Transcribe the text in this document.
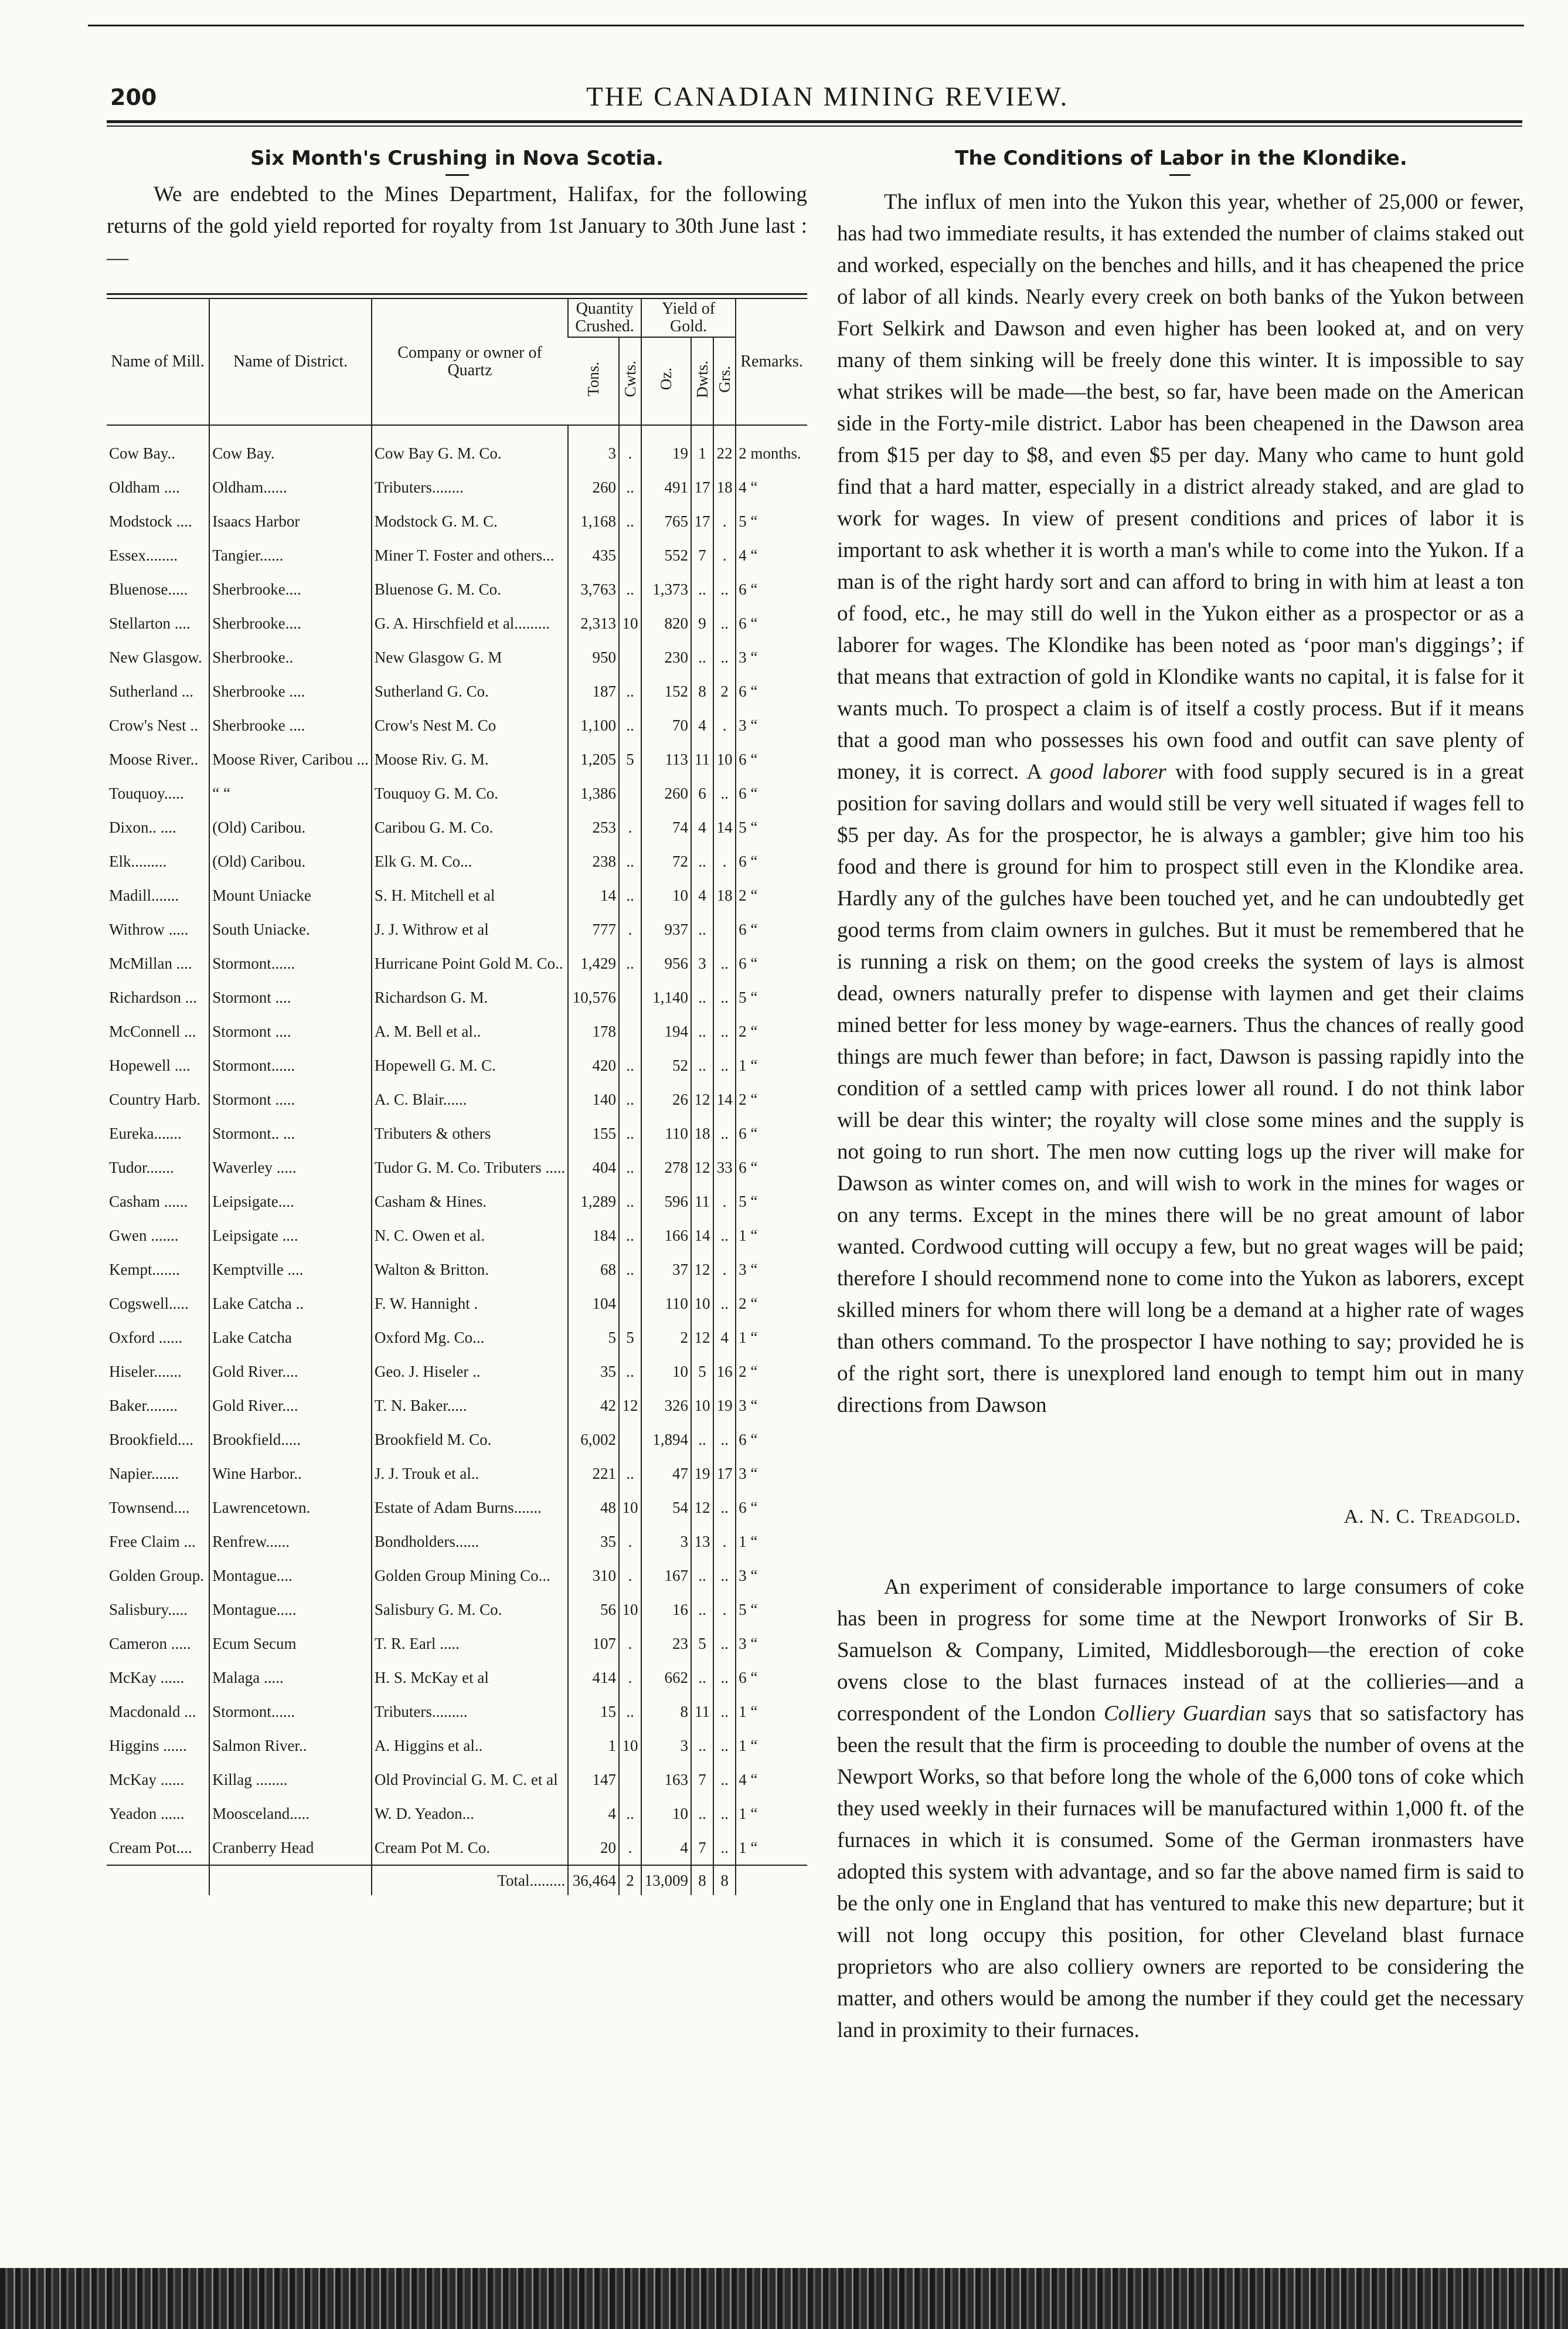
200	THE CANADIAN MINING REVIEW.
Six Month's Crushing in Nova Scotia.

We are endebted to the Mines Department, Halifax, for the following returns of the gold yield reported for royalty from 1st January to 30th June last :—

Name of Mill.	Name of District.	Company or owner of Quartz	Quantity Crushed.		Yield of Gold.			Remarks.
			Tons.	Cwts.	Oz.	Dwts.	Grs.	
Cow Bay..	Cow Bay.	Cow Bay G. M. Co.	3	.	19	1	22	2 months.
Oldham ....	Oldham......	Tributers........	260	..	491	17	18	4 “
Modstock ....	Isaacs Harbor	Modstock G. M. C.	1,168	..	765	17	.	5 “
Essex........	Tangier......	Miner T. Foster and others...	435		552	7	.	4 “
Bluenose.....	Sherbrooke....	Bluenose G. M. Co.	3,763	..	1,373	..	..	6 “
Stellarton ....	Sherbrooke....	G. A. Hirschfield et al.........	2,313	10	820	9	..	6 “
New Glasgow.	Sherbrooke..	New Glasgow G. M	950		230	..	..	3 “
Sutherland ...	Sherbrooke ....	Sutherland G. Co.	187	..	152	8	2	6 “
Crow's Nest ..	Sherbrooke ....	Crow's Nest M. Co	1,100	..	70	4	.	3 “
Moose River..	Moose River, Caribou ...	Moose Riv. G. M.	1,205	5	113	11	10	6 “
Touquoy.....	“ “	Touquoy G. M. Co.	1,386		260	6	..	6 “
Dixon.. ....	(Old) Caribou.	Caribou G. M. Co.	253	.	74	4	14	5 “
Elk.........	(Old) Caribou.	Elk G. M. Co...	238	..	72	..	.	6 “
Madill.......	Mount Uniacke	S. H. Mitchell et al	14	..	10	4	18	2 “
Withrow .....	South Uniacke.	J. J. Withrow et al	777	.	937	..		6 “
McMillan ....	Stormont......	Hurricane Point Gold M. Co..	1,429	..	956	3	..	6 “
Richardson ...	Stormont ....	Richardson G. M.	10,576		1,140	..	..	5 “
McConnell ...	Stormont ....	A. M. Bell et al..	178		194	..	..	2 “
Hopewell ....	Stormont......	Hopewell G. M. C.	420	..	52	..	..	1 “
Country Harb.	Stormont .....	A. C. Blair......	140	..	26	12	14	2 “
Eureka.......	Stormont.. ...	Tributers & others	155	..	110	18	..	6 “
Tudor.......	Waverley .....	Tudor G. M. Co. Tributers .....	404	..	278	12	33	6 “
Casham ......	Leipsigate....	Casham & Hines.	1,289	..	596	11	.	5 “
Gwen .......	Leipsigate ....	N. C. Owen et al.	184	..	166	14	..	1 “
Kempt.......	Kemptville ....	Walton & Britton.	68	..	37	12	.	3 “
Cogswell.....	Lake Catcha ..	F. W. Hannight .	104		110	10	..	2 “
Oxford ......	Lake Catcha	Oxford Mg. Co...	5	5	2	12	4	1 “
Hiseler.......	Gold River....	Geo. J. Hiseler ..	35	..	10	5	16	2 “
Baker........	Gold River....	T. N. Baker.....	42	12	326	10	19	3 “
Brookfield....	Brookfield.....	Brookfield M. Co.	6,002		1,894	..	..	6 “
Napier.......	Wine Harbor..	J. J. Trouk et al..	221	..	47	19	17	3 “
Townsend....	Lawrencetown.	Estate of Adam Burns.......	48	10	54	12	..	6 “
Free Claim ...	Renfrew......	Bondholders......	35	.	3	13	.	1 “
Golden Group.	Montague....	Golden Group Mining Co...	310	.	167	..	..	3 “
Salisbury.....	Montague.....	Salisbury G. M. Co.	56	10	16	..	.	5 “
Cameron .....	Ecum Secum	T. R. Earl .....	107	.	23	5	..	3 “
McKay ......	Malaga .....	H. S. McKay et al	414	.	662	..	..	6 “
Macdonald ...	Stormont......	Tributers.........	15	..	8	11	..	1 “
Higgins ......	Salmon River..	A. Higgins et al..	1	10	3	..	..	1 “
McKay ......	Killag ........	Old Provincial G. M. C. et al	147		163	7	..	4 “
Yeadon ......	Moosceland.....	W. D. Yeadon...	4	..	10	..	..	1 “
Cream Pot....	Cranberry Head	Cream Pot M. Co.	20	.	4	7	..	1 “
		Total.........	36,464	2	13,009	8	8	
The Conditions of Labor in the Klondike.

The influx of men into the Yukon this year, whether of 25,000 or fewer, has had two immediate results, it has extended the number of claims staked out and worked, especially on the benches and hills, and it has cheapened the price of labor of all kinds. Nearly every creek on both banks of the Yukon between Fort Selkirk and Dawson and even higher has been looked at, and on very many of them sinking will be freely done this winter. It is impossible to say what strikes will be made—the best, so far, have been made on the American side in the Forty-mile district. Labor has been cheapened in the Dawson area from $15 per day to $8, and even $5 per day. Many who came to hunt gold find that a hard matter, especially in a district already staked, and are glad to work for wages. In view of present conditions and prices of labor it is important to ask whether it is worth a man's while to come into the Yukon. If a man is of the right hardy sort and can afford to bring in with him at least a ton of food, etc., he may still do well in the Yukon either as a prospector or as a laborer for wages. The Klondike has been noted as ‘poor man's diggings’; if that means that extraction of gold in Klondike wants no capital, it is false for it wants much. To prospect a claim is of itself a costly process. But if it means that a good man who possesses his own food and outfit can save plenty of money, it is correct. A good laborer with food supply secured is in a great position for saving dollars and would still be very well situated if wages fell to $5 per day. As for the prospector, he is always a gambler; give him too his food and there is ground for him to prospect still even in the Klondike area. Hardly any of the gulches have been touched yet, and he can undoubtedly get good terms from claim owners in gulches. But it must be remembered that he is running a risk on them; on the good creeks the system of lays is almost dead, owners naturally prefer to dispense with laymen and get their claims mined better for less money by wage-earners. Thus the chances of really good things are much fewer than before; in fact, Dawson is passing rapidly into the condition of a settled camp with prices lower all round. I do not think labor will be dear this winter; the royalty will close some mines and the supply is not going to run short. The men now cutting logs up the river will make for Dawson as winter comes on, and will wish to work in the mines for wages or on any terms. Except in the mines there will be no great amount of labor wanted. Cordwood cutting will occupy a few, but no great wages will be paid; therefore I should recommend none to come into the Yukon as laborers, except skilled miners for whom there will long be a demand at a higher rate of wages than others command. To the prospector I have nothing to say; provided he is of the right sort, there is unexplored land enough to tempt him out in many directions from Dawson

A. N. C. Treadgold.

An experiment of considerable importance to large consumers of coke has been in progress for some time at the Newport Ironworks of Sir B. Samuelson & Company, Limited, Middlesborough—the erection of coke ovens close to the blast furnaces instead of at the collieries—and a correspondent of the London Colliery Guardian says that so satisfactory has been the result that the firm is proceeding to double the number of ovens at the Newport Works, so that before long the whole of the 6,000 tons of coke which they used weekly in their furnaces will be manufactured within 1,000 ft. of the furnaces in which it is consumed. Some of the German ironmasters have adopted this system with advantage, and so far the above named firm is said to be the only one in England that has ventured to make this new departure; but it will not long occupy this position, for other Cleveland blast furnace proprietors who are also colliery owners are reported to be considering the matter, and others would be among the number if they could get the necessary land in proximity to their furnaces.
